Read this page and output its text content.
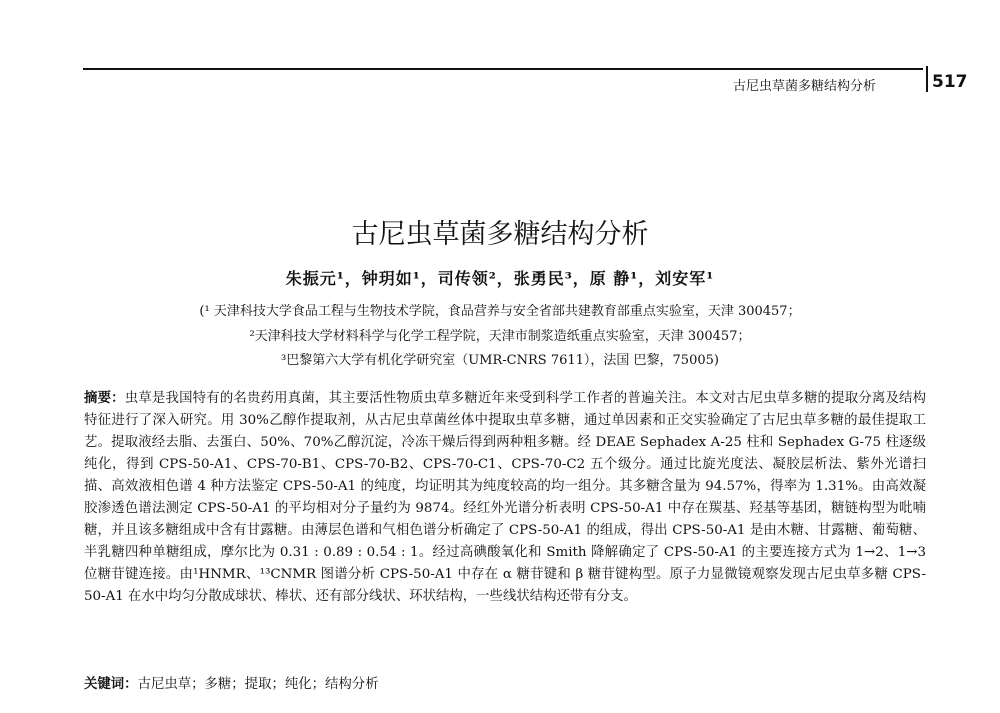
古尼虫草菌多糖结构分析	517
古尼虫草菌多糖结构分析
朱振元¹，钟玥如¹，司传领²，张勇民³，原 静¹，刘安军¹
(¹ 天津科技大学食品工程与生物技术学院，食品营养与安全省部共建教育部重点实验室，天津 300457；
²天津科技大学材料科学与化学工程学院，天津市制浆造纸重点实验室，天津 300457；
³巴黎第六大学有机化学研究室（UMR-CNRS 7611），法国 巴黎，75005)
摘要：虫草是我国特有的名贵药用真菌，其主要活性物质虫草多糖近年来受到科学工作者的普遍关注。本文对古尼虫草多糖的提取分离及结构特征进行了深入研究。用 30%乙醇作提取剂，从古尼虫草菌丝体中提取虫草多糖，通过单因素和正交实验确定了古尼虫草多糖的最佳提取工艺。提取液经去脂、去蛋白、50%、70%乙醇沉淀，冷冻干燥后得到两种粗多糖。经 DEAE Sephadex A-25 柱和 Sephadex G-75 柱逐级纯化，得到 CPS-50-A1、CPS-70-B1、CPS-70-B2、CPS-70-C1、CPS-70-C2 五个级分。通过比旋光度法、凝胶层析法、紫外光谱扫描、高效液相色谱 4 种方法鉴定 CPS-50-A1 的纯度，均证明其为纯度较高的均一组分。其多糖含量为 94.57%，得率为 1.31%。由高效凝胶渗透色谱法测定 CPS-50-A1 的平均相对分子量约为 9874。经红外光谱分析表明 CPS-50-A1 中存在羰基、羟基等基团，糖链构型为吡喃糖，并且该多糖组成中含有甘露糖。由薄层色谱和气相色谱分析确定了 CPS-50-A1 的组成，得出 CPS-50-A1 是由木糖、甘露糖、葡萄糖、半乳糖四种单糖组成，摩尔比为 0.31 : 0.89 : 0.54 : 1。经过高碘酸氧化和 Smith 降解确定了 CPS-50-A1 的主要连接方式为 1→2、1→3 位糖苷键连接。由¹HNMR、¹³CNMR 图谱分析 CPS-50-A1 中存在 α 糖苷键和 β 糖苷键构型。原子力显微镜观察发现古尼虫草多糖 CPS-50-A1 在水中均匀分散成球状、棒状、还有部分线状、环状结构，一些线状结构还带有分支。
关键词：古尼虫草；多糖；提取；纯化；结构分析
